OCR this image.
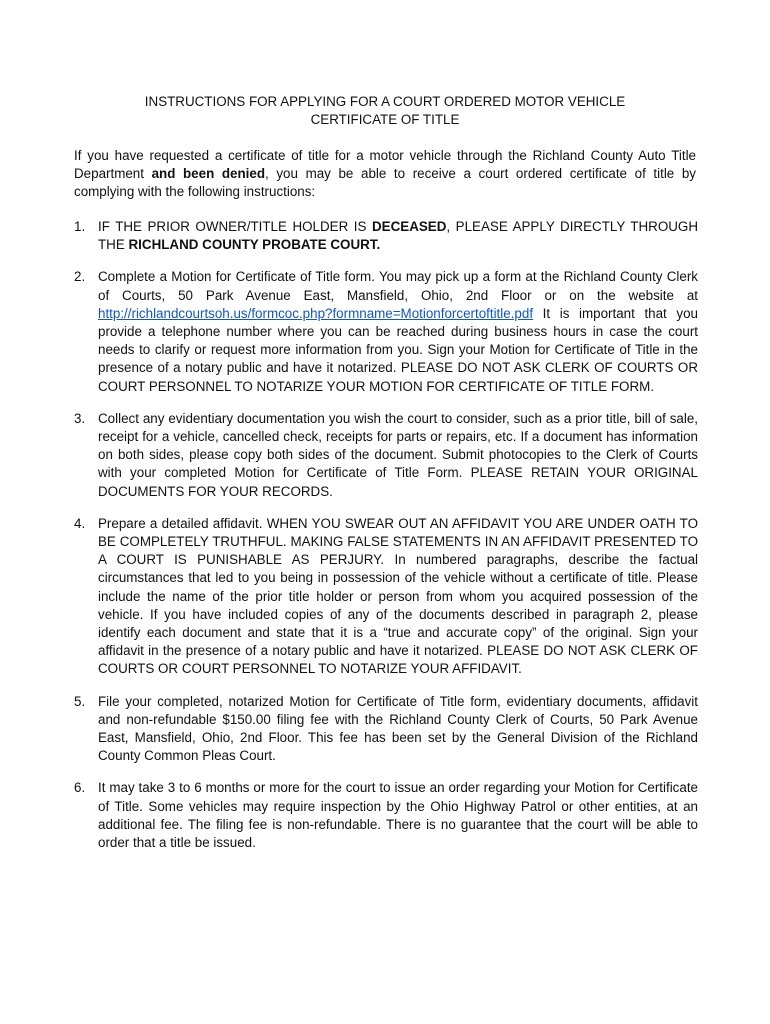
INSTRUCTIONS FOR APPLYING FOR A COURT ORDERED MOTOR VEHICLE
CERTIFICATE OF TITLE
If you have requested a certificate of title for a motor vehicle through the Richland County Auto Title Department and been denied, you may be able to receive a court ordered certificate of title by complying with the following instructions:
1. IF THE PRIOR OWNER/TITLE HOLDER IS DECEASED, PLEASE APPLY DIRECTLY THROUGH THE RICHLAND COUNTY PROBATE COURT.
2. Complete a Motion for Certificate of Title form. You may pick up a form at the Richland County Clerk of Courts, 50 Park Avenue East, Mansfield, Ohio, 2nd Floor or on the website at http://richlandcourtsoh.us/formcoc.php?formname=Motionforcertoftitle.pdf It is important that you provide a telephone number where you can be reached during business hours in case the court needs to clarify or request more information from you. Sign your Motion for Certificate of Title in the presence of a notary public and have it notarized. PLEASE DO NOT ASK CLERK OF COURTS OR COURT PERSONNEL TO NOTARIZE YOUR MOTION FOR CERTIFICATE OF TITLE FORM.
3. Collect any evidentiary documentation you wish the court to consider, such as a prior title, bill of sale, receipt for a vehicle, cancelled check, receipts for parts or repairs, etc. If a document has information on both sides, please copy both sides of the document. Submit photocopies to the Clerk of Courts with your completed Motion for Certificate of Title Form. PLEASE RETAIN YOUR ORIGINAL DOCUMENTS FOR YOUR RECORDS.
4. Prepare a detailed affidavit. WHEN YOU SWEAR OUT AN AFFIDAVIT YOU ARE UNDER OATH TO BE COMPLETELY TRUTHFUL. MAKING FALSE STATEMENTS IN AN AFFIDAVIT PRESENTED TO A COURT IS PUNISHABLE AS PERJURY. In numbered paragraphs, describe the factual circumstances that led to you being in possession of the vehicle without a certificate of title. Please include the name of the prior title holder or person from whom you acquired possession of the vehicle. If you have included copies of any of the documents described in paragraph 2, please identify each document and state that it is a “true and accurate copy” of the original. Sign your affidavit in the presence of a notary public and have it notarized. PLEASE DO NOT ASK CLERK OF COURTS OR COURT PERSONNEL TO NOTARIZE YOUR AFFIDAVIT.
5. File your completed, notarized Motion for Certificate of Title form, evidentiary documents, affidavit and non-refundable $150.00 filing fee with the Richland County Clerk of Courts, 50 Park Avenue East, Mansfield, Ohio, 2nd Floor. This fee has been set by the General Division of the Richland County Common Pleas Court.
6. It may take 3 to 6 months or more for the court to issue an order regarding your Motion for Certificate of Title. Some vehicles may require inspection by the Ohio Highway Patrol or other entities, at an additional fee. The filing fee is non-refundable. There is no guarantee that the court will be able to order that a title be issued.
